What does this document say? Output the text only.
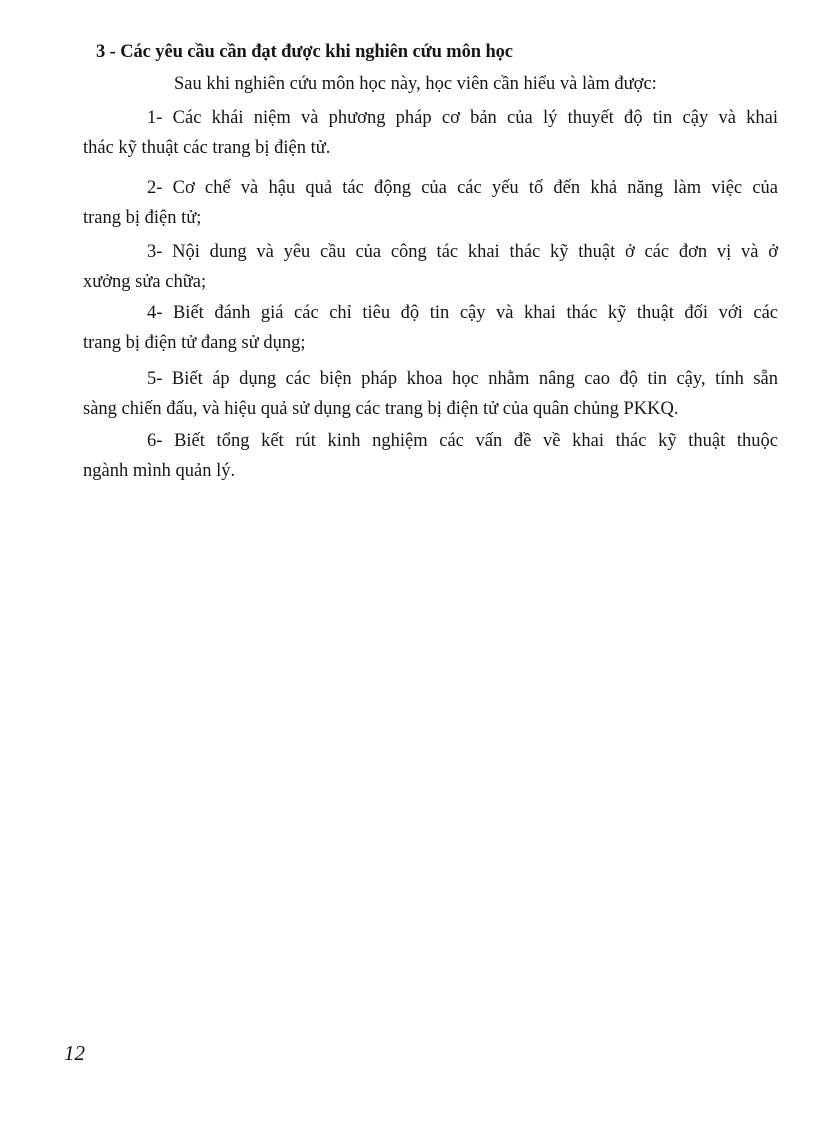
3 - Các yêu cầu cần đạt được khi nghiên cứu môn học
Sau khi nghiên cứu môn học này, học viên cần hiểu và làm được:
1- Các khái niệm và phương pháp cơ bản của lý thuyết độ tin cậy và khai
thác kỹ thuật các trang bị điện tử.
2- Cơ chế và hậu quả tác động của các yếu tố đến khả năng làm việc của
trang bị điện tử;
3- Nội dung và yêu cầu của công tác khai thác kỹ thuật ở các đơn vị và ở
xưởng sửa chữa;
4- Biết đánh giá các chỉ tiêu độ tin cậy và khai thác kỹ thuật đối với các
trang bị điện tử đang sử dụng;
5- Biết áp dụng các biện pháp khoa học nhằm nâng cao độ tin cậy, tính sẵn
sàng chiến đấu, và hiệu quả sử dụng các trang bị điện tử của quân chủng PKKQ.
6- Biết tổng kết rút kinh nghiệm các vấn đề về khai thác kỹ thuật thuộc
ngành mình quản lý.
12
